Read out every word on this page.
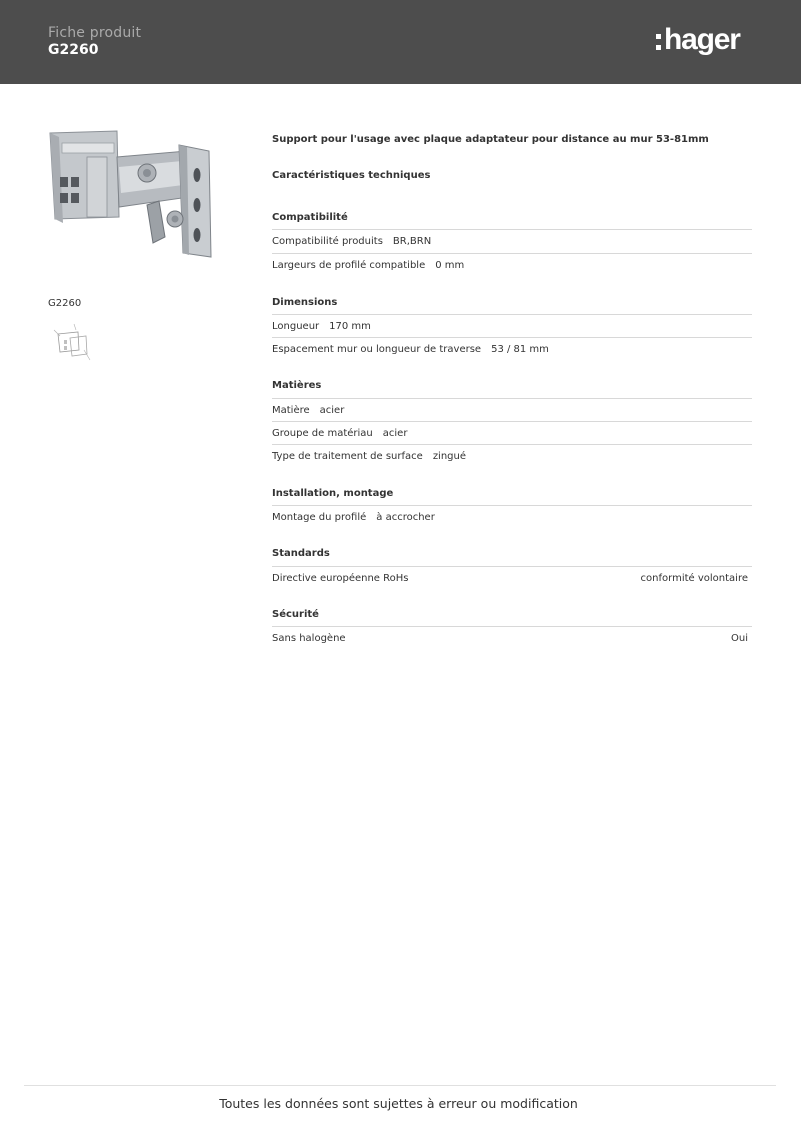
Fiche produit
G2260	hager
G2260
Support pour l'usage avec plaque adaptateur pour distance au mur 53-81mm
Caractéristiques techniques
Compatibilité
Compatibilité produits BR,BRN
Largeurs de profilé compatible 0 mm
Dimensions
Longueur 170 mm
Espacement mur ou longueur de traverse 53 / 81 mm
Matières
Matière acier
Groupe de matériau acier
Type de traitement de surface zingué
Installation, montage
Montage du profilé à accrocher
Standards
Directive européenne RoHs	conformité volontaire
Sécurité
Sans halogène	Oui
Toutes les données sont sujettes à erreur ou modification
